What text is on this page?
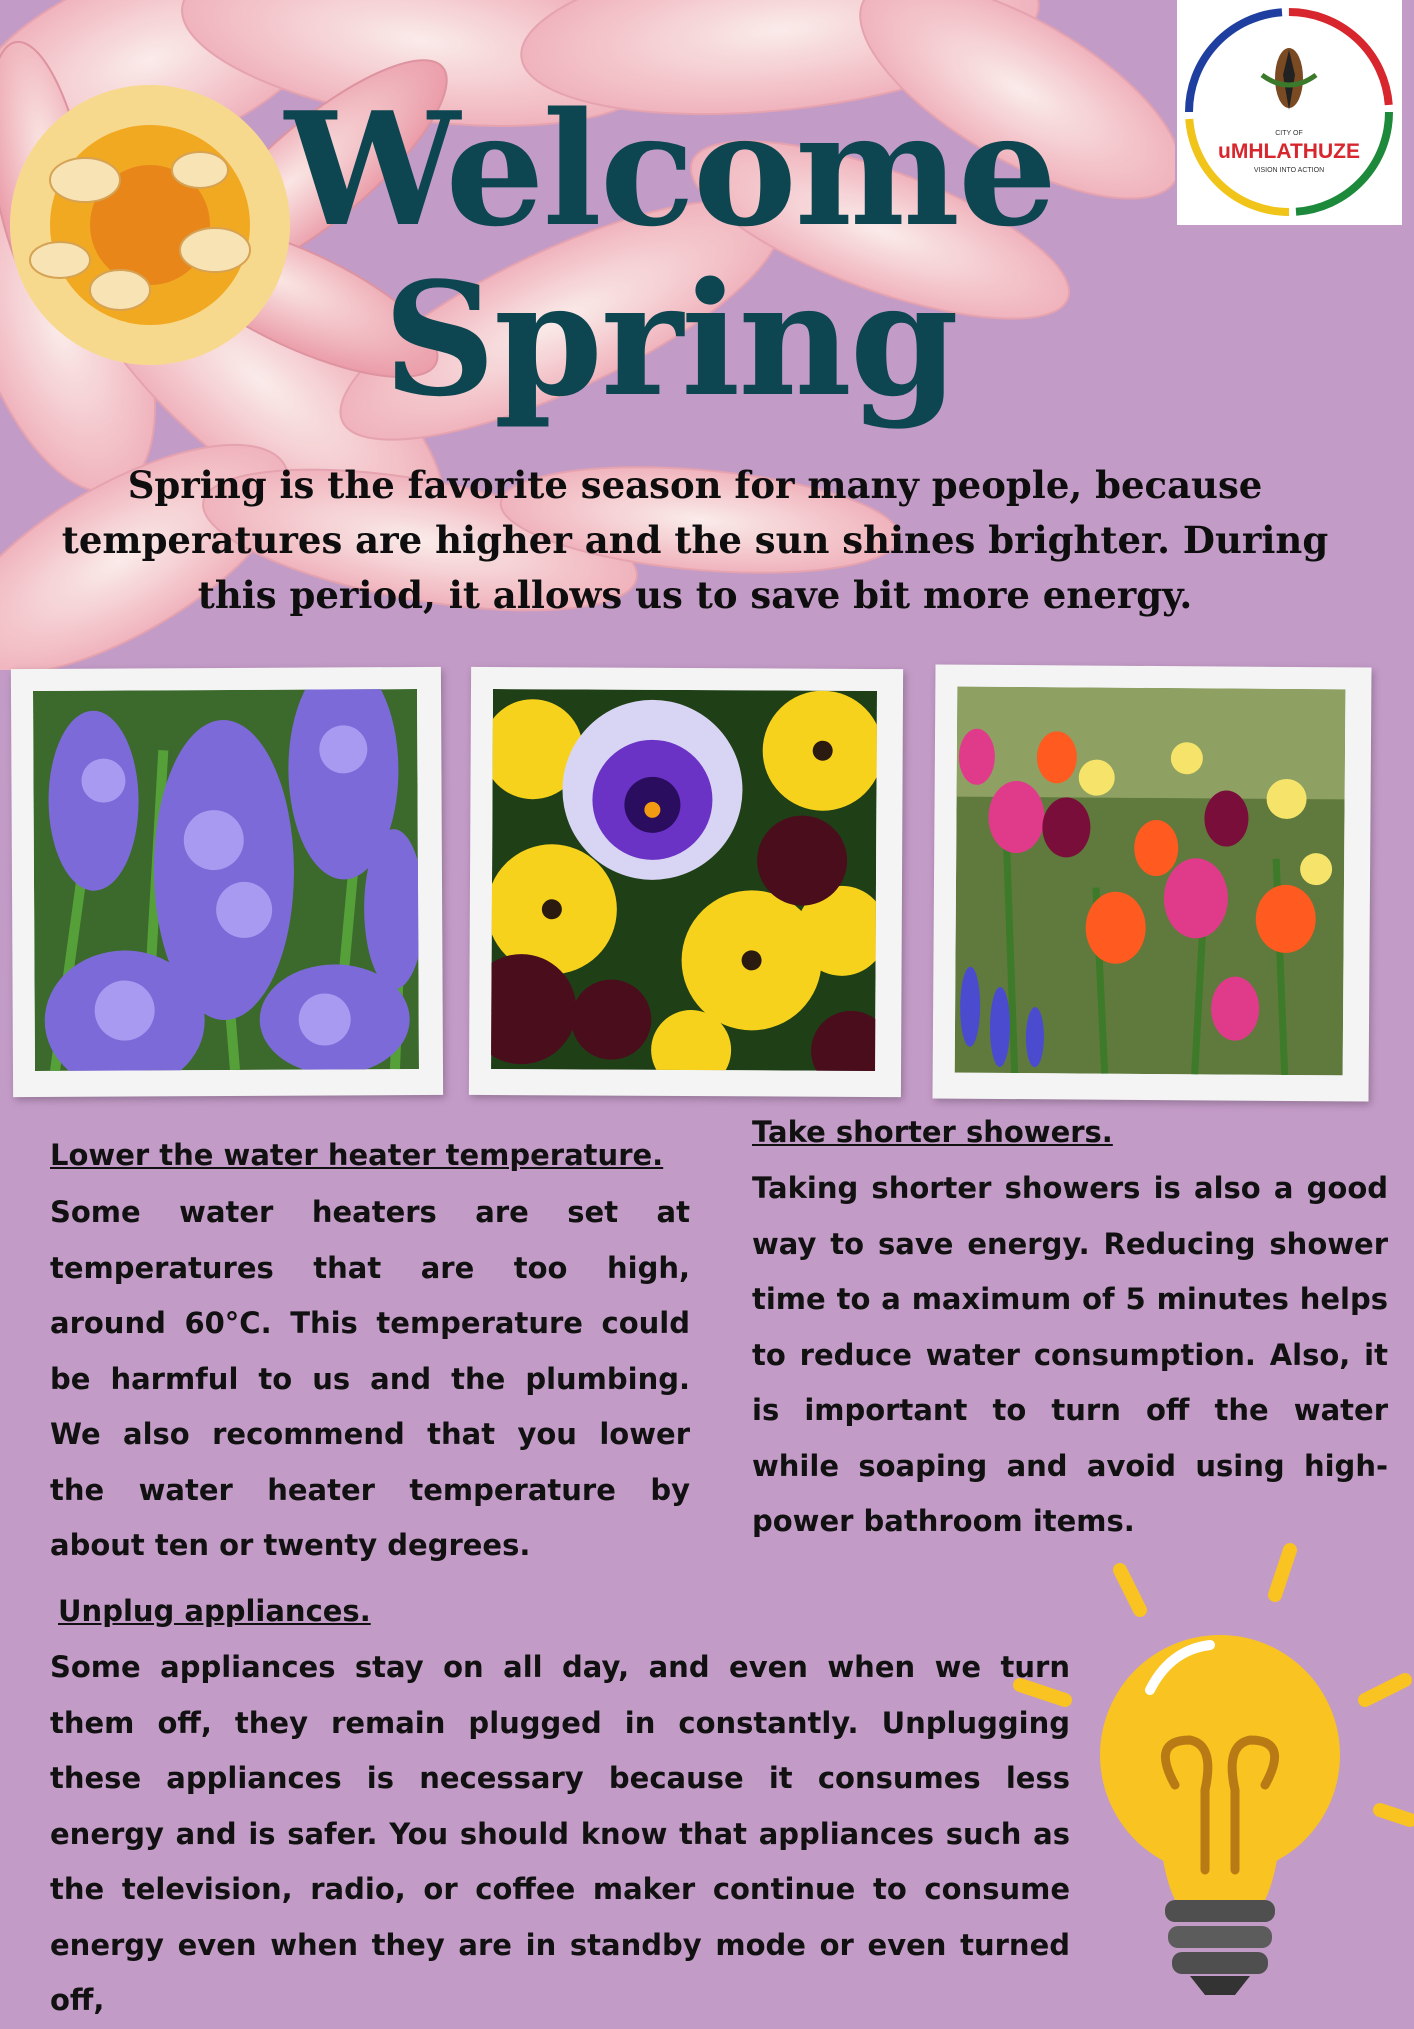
CITY OF
uMHLATHUZE
VISION INTO ACTION
Welcome
Spring
Spring is the favorite season for many people, because temperatures are higher and the sun shines brighter. During this period, it allows us to save bit more energy.
Lower the water heater temperature.
Some water heaters are set at temperatures that are too high, around 60°C. This temperature could be harmful to us and the plumbing. We also recommend that you lower the water heater temperature by about ten or twenty degrees.
Take shorter showers.
Taking shorter showers is also a good way to save energy. Reducing shower time to a maximum of 5 minutes helps to reduce water consumption. Also, it is important to turn off the water while soaping and avoid using high-power bathroom items.
Unplug appliances.
Some appliances stay on all day, and even when we turn them off, they remain plugged in constantly. Unplugging these appliances is necessary because it consumes less energy and is safer. You should know that appliances such as the television, radio, or coffee maker continue to consume energy even when they are in standby mode or even turned off,
